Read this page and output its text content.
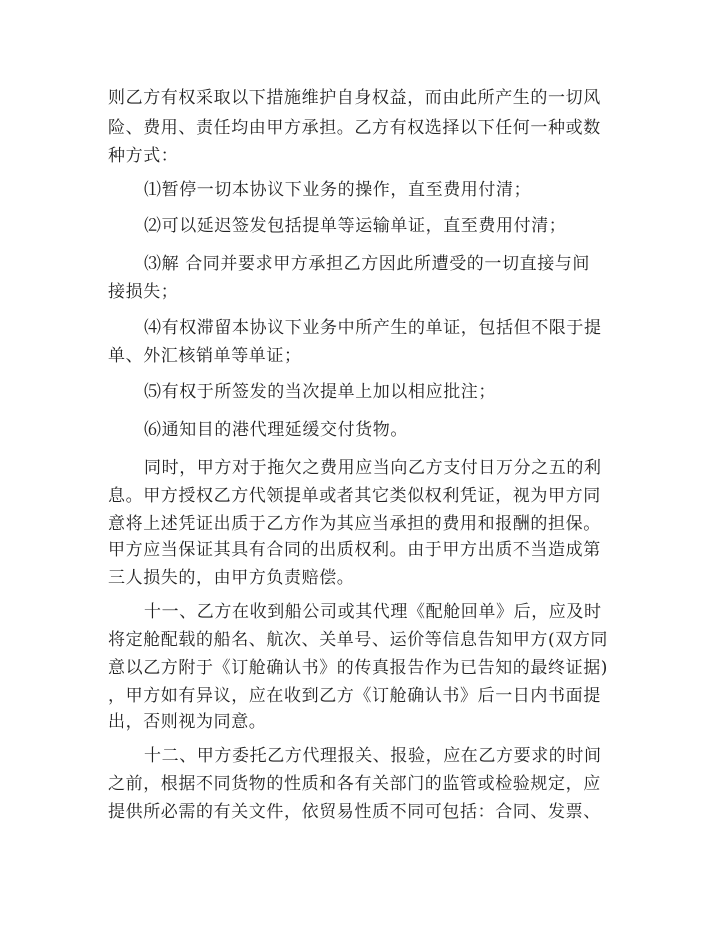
则乙方有权采取以下措施维护自身权益，而由此所产生的一切风
险、费用、责任均由甲方承担。乙方有权选择以下任何一种或数
种方式：
⑴暂停一切本协议下业务的操作，直至费用付清；
⑵可以延迟签发包括提单等运输单证，直至费用付清；
⑶解 合同并要求甲方承担乙方因此所遭受的一切直接与间
接损失；
⑷有权滞留本协议下业务中所产生的单证，包括但不限于提
单、外汇核销单等单证；
⑸有权于所签发的当次提单上加以相应批注；
⑹通知目的港代理延缓交付货物。
同时，甲方对于拖欠之费用应当向乙方支付日万分之五的利
息。甲方授权乙方代领提单或者其它类似权利凭证，视为甲方同
意将上述凭证出质于乙方作为其应当承担的费用和报酬的担保。
甲方应当保证其具有合同的出质权利。由于甲方出质不当造成第
三人损失的，由甲方负责赔偿。
十一、乙方在收到船公司或其代理《配舱回单》后，应及时
将定舱配载的船名、航次、关单号、运价等信息告知甲方(双方同
意以乙方附于《订舱确认书》的传真报告作为已告知的最终证据)
，甲方如有异议，应在收到乙方《订舱确认书》后一日内书面提
出，否则视为同意。
十二、甲方委托乙方代理报关、报验，应在乙方要求的时间
之前，根据不同货物的性质和各有关部门的监管或检验规定，应
提供所必需的有关文件，依贸易性质不同可包括：合同、发票、
